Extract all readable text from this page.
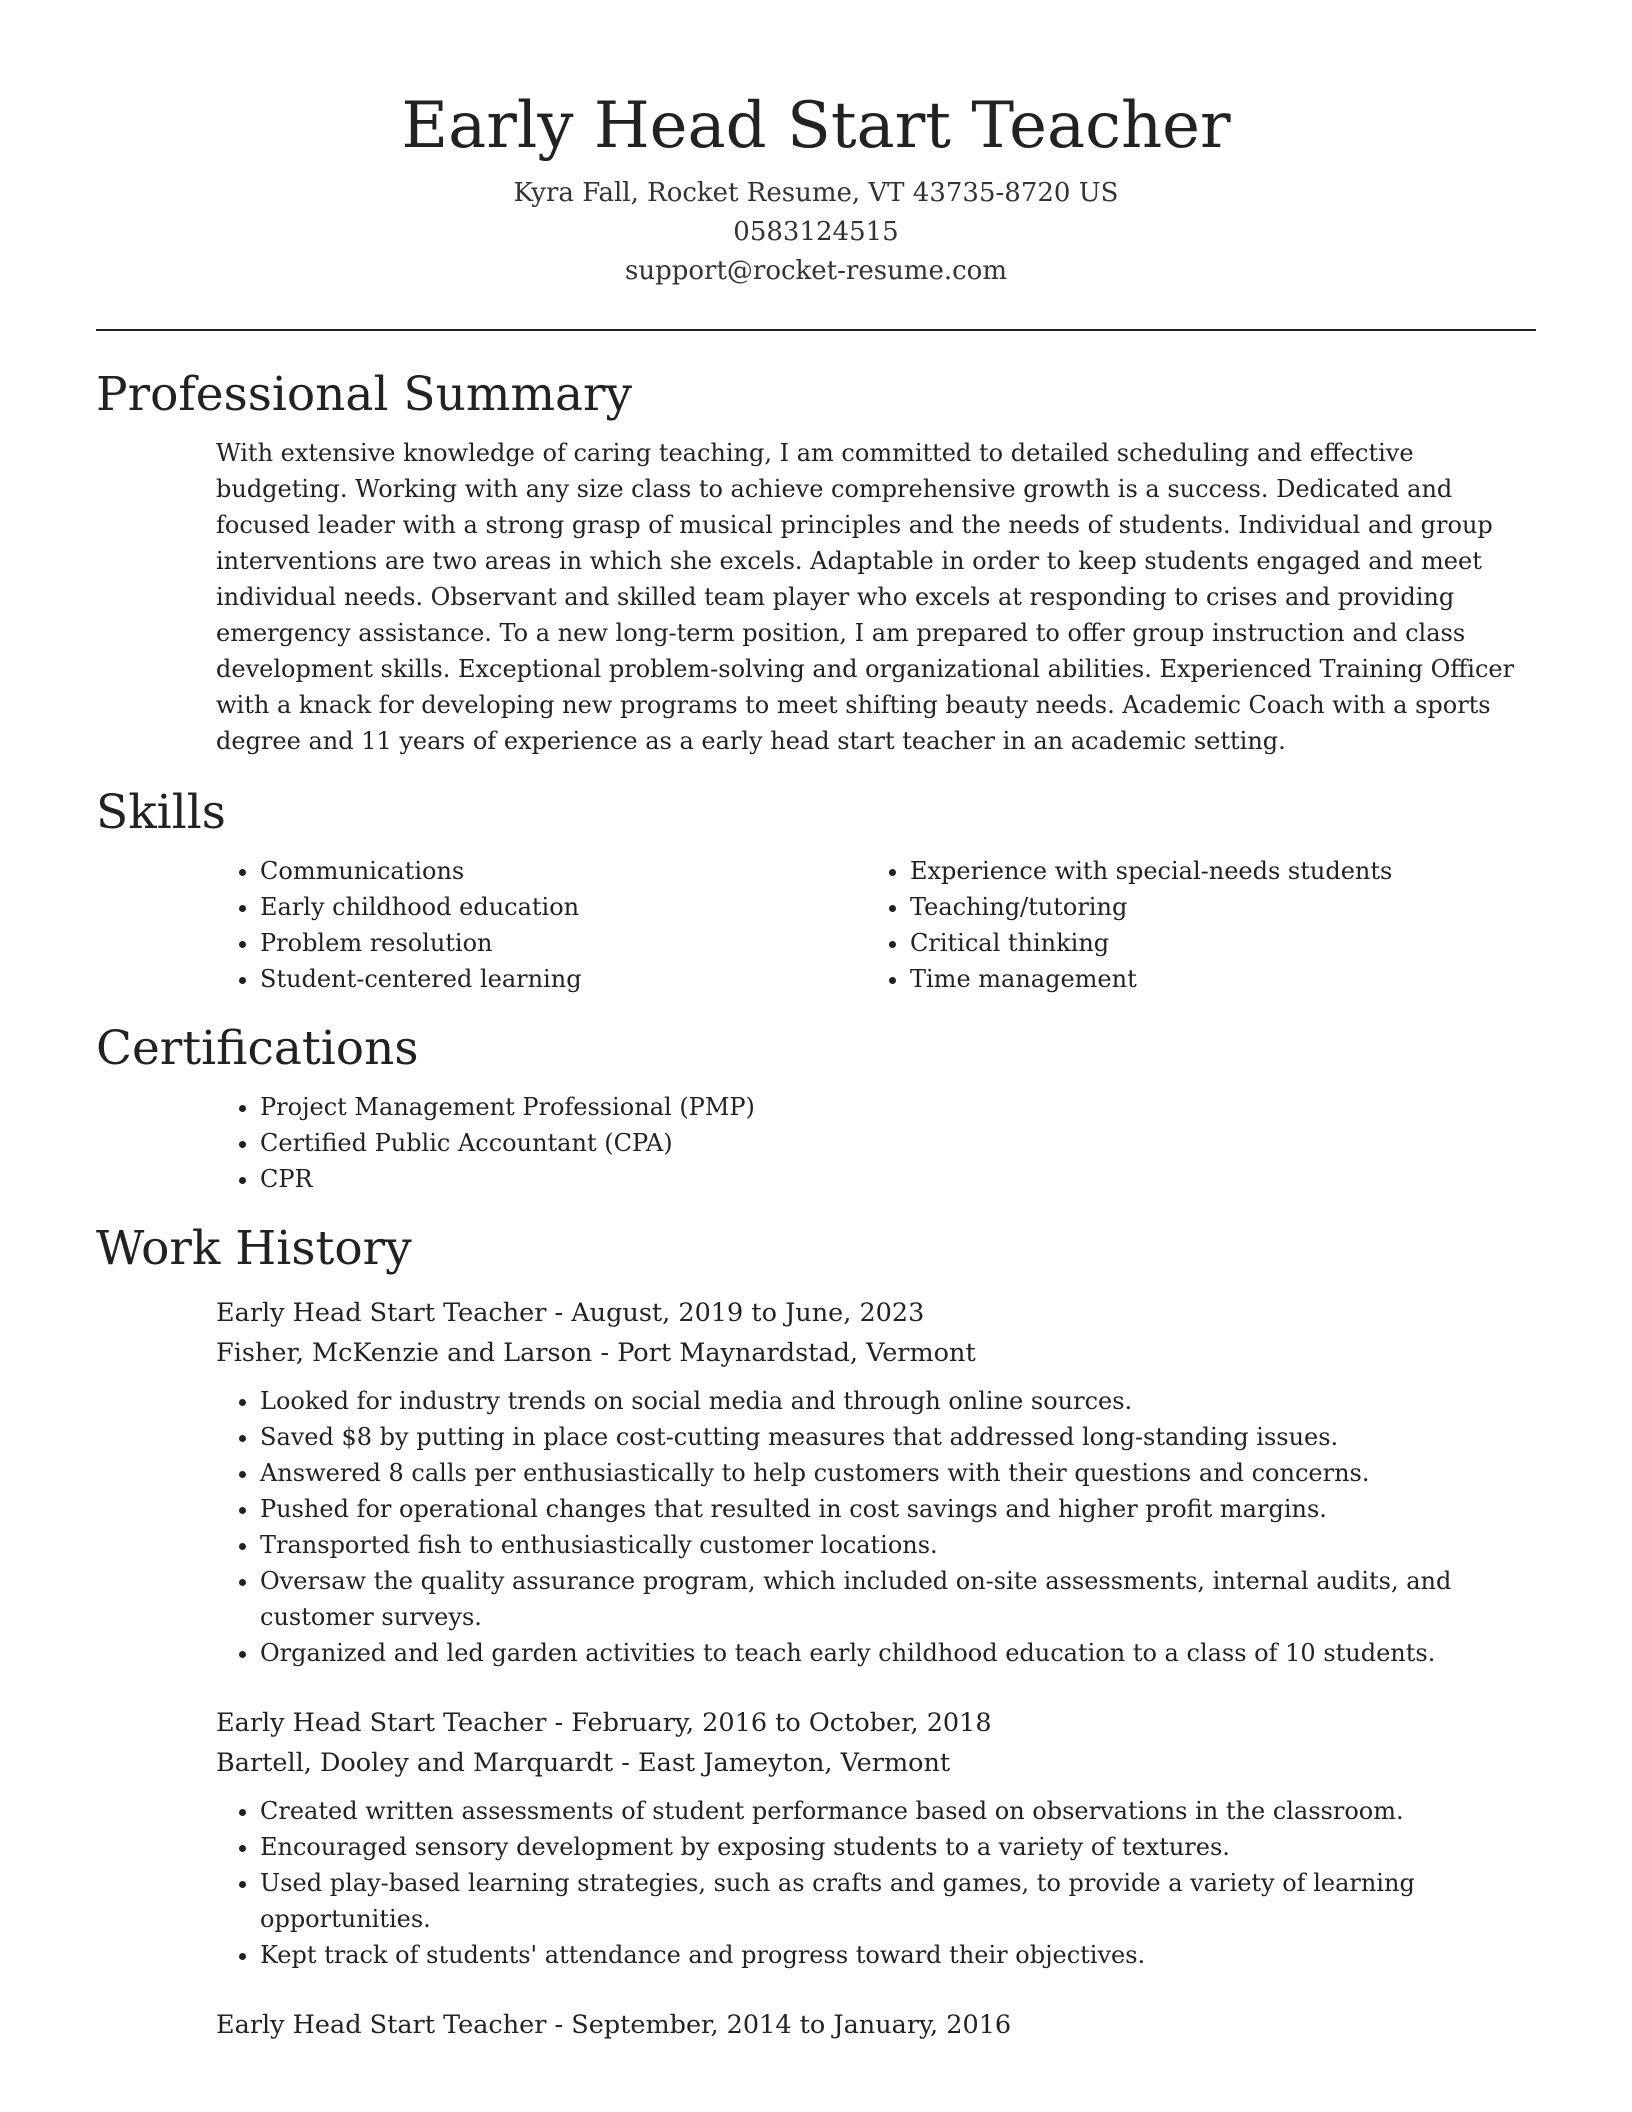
Early Head Start Teacher
Kyra Fall, Rocket Resume, VT 43735-8720 US
0583124515
support@rocket-resume.com
Professional Summary

With extensive knowledge of caring teaching, I am committed to detailed scheduling and effective budgeting. Working with any size class to achieve comprehensive growth is a success. Dedicated and focused leader with a strong grasp of musical principles and the needs of students. Individual and group interventions are two areas in which she excels. Adaptable in order to keep students engaged and meet individual needs. Observant and skilled team player who excels at responding to crises and providing emergency assistance. To a new long-term position, I am prepared to offer group instruction and class development skills. Exceptional problem-solving and organizational abilities. Experienced Training Officer with a knack for developing new programs to meet shifting beauty needs. Academic Coach with a sports degree and 11 years of experience as a early head start teacher in an academic setting.

Skills
• Communications
• Early childhood education
• Problem resolution
• Student-centered learning
• Experience with special-needs students
• Teaching/tutoring
• Critical thinking
• Time management
Certifications
• Project Management Professional (PMP)
• Certified Public Accountant (CPA)
• CPR
Work History
Early Head Start Teacher - August, 2019 to June, 2023
Fisher, McKenzie and Larson - Port Maynardstad, Vermont
• Looked for industry trends on social media and through online sources.
• Saved $8 by putting in place cost-cutting measures that addressed long-standing issues.
• Answered 8 calls per enthusiastically to help customers with their questions and concerns.
• Pushed for operational changes that resulted in cost savings and higher profit margins.
• Transported fish to enthusiastically customer locations.
• Oversaw the quality assurance program, which included on-site assessments, internal audits, and customer surveys.
• Organized and led garden activities to teach early childhood education to a class of 10 students.
Early Head Start Teacher - February, 2016 to October, 2018
Bartell, Dooley and Marquardt - East Jameyton, Vermont
• Created written assessments of student performance based on observations in the classroom.
• Encouraged sensory development by exposing students to a variety of textures.
• Used play-based learning strategies, such as crafts and games, to provide a variety of learning opportunities.
• Kept track of students' attendance and progress toward their objectives.
Early Head Start Teacher - September, 2014 to January, 2016
